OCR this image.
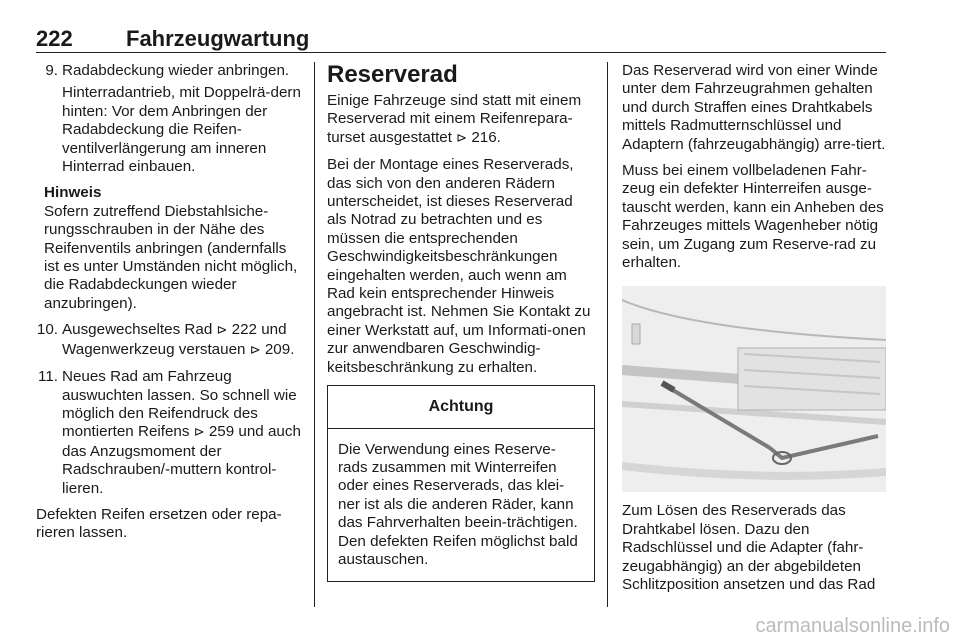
222 Fahrzeugwartung
9. Radabdeckung wieder anbringen.
Hinterradantrieb, mit Doppelrä-dern hinten: Vor dem Anbringen der Radabdeckung die Reifen-ventilverlängerung am inneren Hinterrad einbauen.
Hinweis
Sofern zutreffend Diebstahlsiche-rungsschrauben in der Nähe des Reifenventils anbringen (andernfalls ist es unter Umständen nicht möglich, die Radabdeckungen wieder anzubringen).
10. Ausgewechseltes Rad ⊳ 222 und Wagenwerkzeug verstauen ⊳ 209.
11. Neues Rad am Fahrzeug auswuchten lassen. So schnell wie möglich den Reifendruck des montierten Reifens ⊳ 259 und auch das Anzugsmoment der Radschrauben/-muttern kontrol-lieren.

Defekten Reifen ersetzen oder repa-rieren lassen.

Reserverad

Einige Fahrzeuge sind statt mit einem Reserverad mit einem Reifenrepara-turset ausgestattet ⊳ 216.

Bei der Montage eines Reserverads, das sich von den anderen Rädern unterscheidet, ist dieses Reserverad als Notrad zu betrachten und es müssen die entsprechenden Geschwindigkeitsbeschränkungen eingehalten werden, auch wenn am Rad kein entsprechender Hinweis angebracht ist. Nehmen Sie Kontakt zu einer Werkstatt auf, um Informati-onen zur anwendbaren Geschwindig-keitsbeschränkung zu erhalten.

Achtung
Die Verwendung eines Reserve-rads zusammen mit Winterreifen oder eines Reserverads, das klei-ner ist als die anderen Räder, kann das Fahrverhalten beein-trächtigen. Den defekten Reifen möglichst bald austauschen.

Das Reserverad wird von einer Winde unter dem Fahrzeugrahmen gehalten und durch Straffen eines Drahtkabels mittels Radmutternschlüssel und Adaptern (fahrzeugabhängig) arre-tiert.

Muss bei einem vollbeladenen Fahr-zeug ein defekter Hinterreifen ausge-tauscht werden, kann ein Anheben des Fahrzeuges mittels Wagenheber nötig sein, um Zugang zum Reserve-rad zu erhalten.

Zum Lösen des Reserverads das Drahtkabel lösen. Dazu den Radschlüssel und die Adapter (fahr-zeugabhängig) an der abgebildeten Schlitzposition ansetzen und das Rad

carmanualsonline.info
